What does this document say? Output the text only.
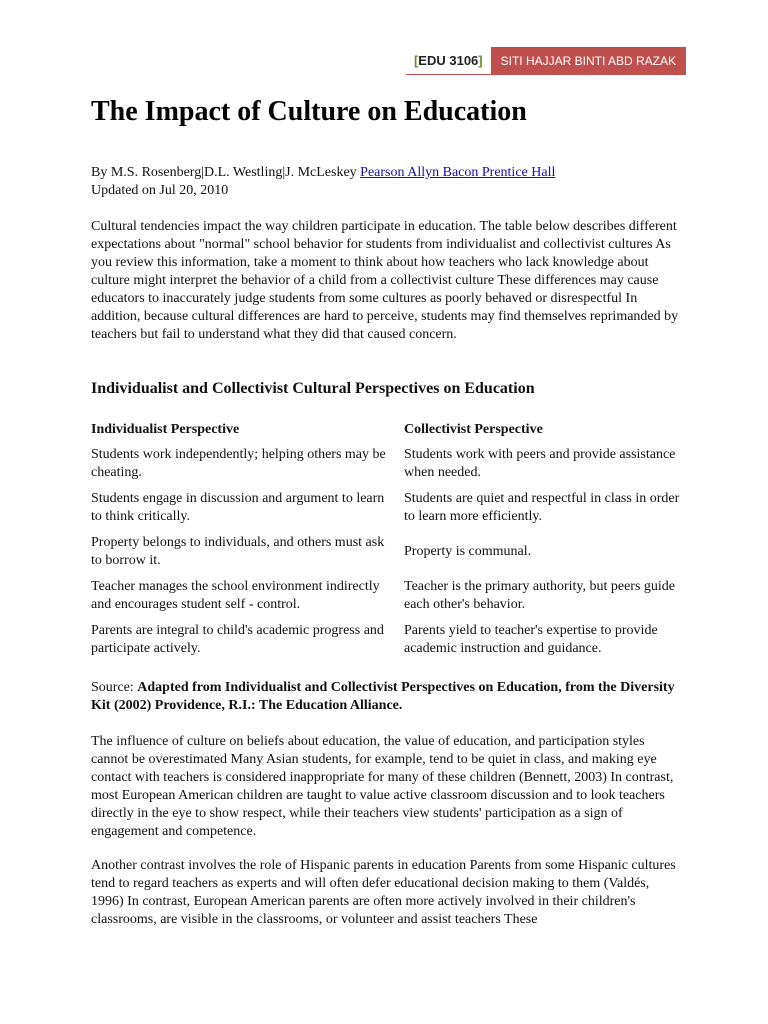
[ EDU 3106 ]	SITI HAJJAR BINTI ABD RAZAK
The Impact of Culture on Education
By M.S. Rosenberg|D.L. Westling|J. McLeskey Pearson Allyn Bacon Prentice Hall
Updated on Jul 20, 2010

Cultural tendencies impact the way children participate in education. The table below describes different expectations about "normal" school behavior for students from individualist and collectivist cultures As you review this information, take a moment to think about how teachers who lack knowledge about culture might interpret the behavior of a child from a collectivist culture These differences may cause educators to inaccurately judge students from some cultures as poorly behaved or disrespectful In addition, because cultural differences are hard to perceive, students may find themselves reprimanded by teachers but fail to understand what they did that caused concern.

Individualist and Collectivist Cultural Perspectives on Education
Individualist Perspective	Collectivist Perspective
Students work independently; helping others may be cheating.
Students work with peers and provide assistance when needed.
Students engage in discussion and argument to learn to think critically.
Students are quiet and respectful in class in order to learn more efficiently.
Property belongs to individuals, and others must ask to borrow it.
Property is communal.
Teacher manages the school environment indirectly and encourages student self - control.
Teacher is the primary authority, but peers guide each other's behavior.
Parents are integral to child's academic progress and participate actively.
Parents yield to teacher's expertise to provide academic instruction and guidance.

Source: Adapted from Individualist and Collectivist Perspectives on Education, from the Diversity Kit (2002) Providence, R.I.: The Education Alliance.

The influence of culture on beliefs about education, the value of education, and participation styles cannot be overestimated Many Asian students, for example, tend to be quiet in class, and making eye contact with teachers is considered inappropriate for many of these children (Bennett, 2003) In contrast, most European American children are taught to value active classroom discussion and to look teachers directly in the eye to show respect, while their teachers view students' participation as a sign of engagement and competence.

Another contrast involves the role of Hispanic parents in education Parents from some Hispanic cultures tend to regard teachers as experts and will often defer educational decision making to them (Valdés, 1996) In contrast, European American parents are often more actively involved in their children's classrooms, are visible in the classrooms, or volunteer and assist teachers These
